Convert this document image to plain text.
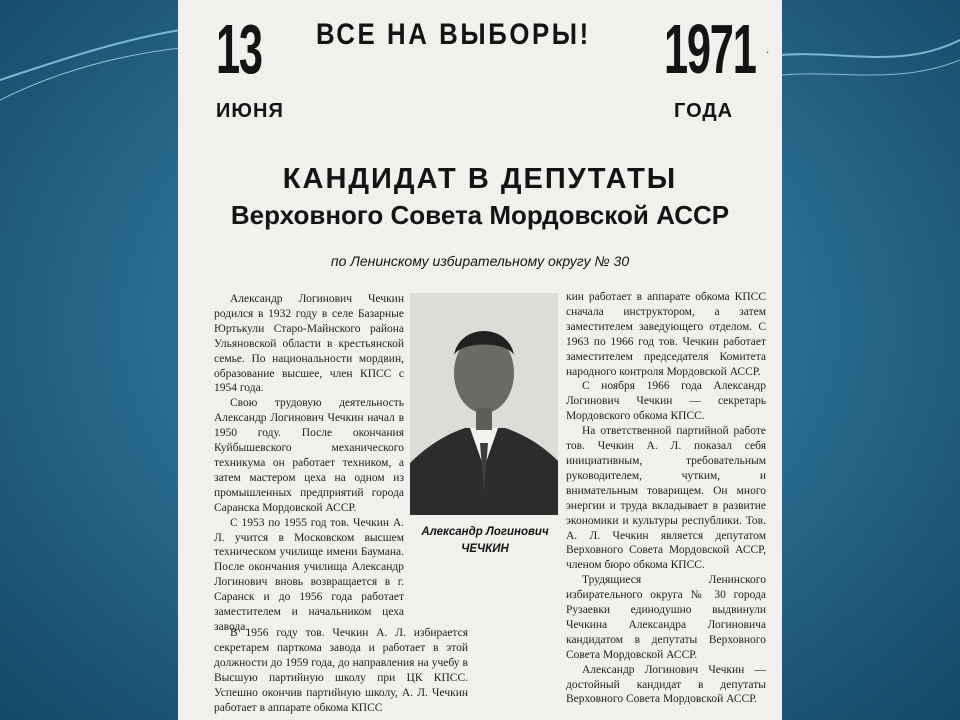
13
ИЮНЯ
ВСЕ НА ВЫБОРЫ! 1971
ГОДА
·
КАНДИДАТ В ДЕПУТАТЫ
Верховного Совета Мордовской АССР
по Ленинскому избирательному округу № 30

Александр Логинович Чечкин родился в 1932 году в селе Базарные Юртькули Старо-Майнского района Ульяновской области в крестьянской семье. По национальности мордвин, образование высшее, член КПСС с 1954 года.

Свою трудовую деятельность Александр Логинович Чечкин начал в 1950 году. После окончания Куйбышевского механического техникума он работает техником, а затем мастером цеха на одном из промышленных предприятий города Саранска Мордовской АССР.

С 1953 по 1955 год тов. Чечкин А. Л. учится в Московском высшем техническом училище имени Баумана. После окончания училища Александр Логинович вновь возвращается в г. Саранск и до 1956 года работает заместителем и начальником цеха завода.

Александр Логинович
ЧЕЧКИН

В 1956 году тов. Чечкин А. Л. избирается секретарем парткома завода и работает в этой должности до 1959 года, до направления на учебу в Высшую партийную школу при ЦК КПСС. Успешно окончив партийную школу, А. Л. Чечкин работает в аппарате обкома КПСС

кин работает в аппарате обкома КПСС сначала инструктором, а затем заместителем заведующего отделом. С 1963 по 1966 год тов. Чечкин работает заместителем председателя Комитета народного контроля Мордовской АССР.

С ноября 1966 года Александр Логинович Чечкин — секретарь Мордовского обкома КПСС.

На ответственной партийной работе тов. Чечкин А. Л. показал себя инициативным, требовательным руководителем, чутким, и внимательным товарищем. Он много энергии и труда вкладывает в развитие экономики и культуры республики. Тов. А. Л. Чечкин является депутатом Верховного Совета Мордовской АССР, членом бюро обкома КПСС.

Трудящиеся Ленинского избирательного округа № 30 города Рузаевки единодушно выдвинули Чечкина Александра Логиновича кандидатом в депутаты Верховного Совета Мордовской АССР.

Александр Логинович Чечкин — достойный кандидат в депутаты Верховного Совета Мордовской АССР.
